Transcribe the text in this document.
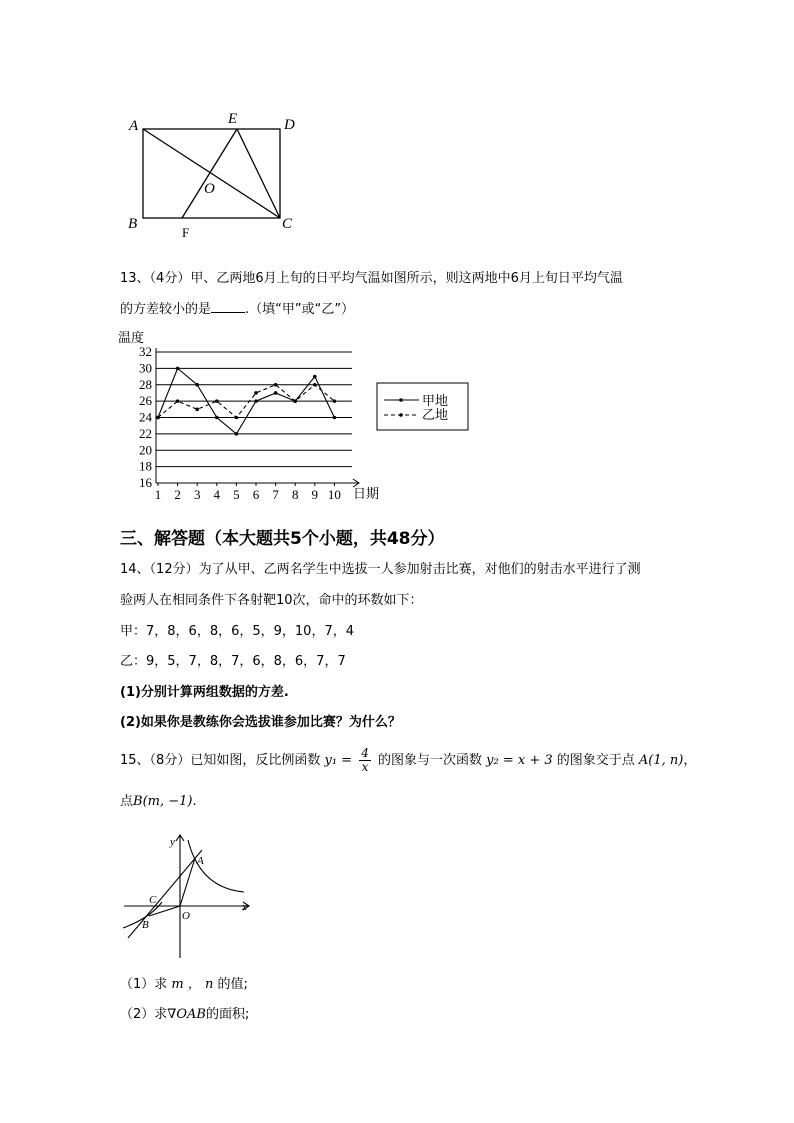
A	E	D
O
B
F
C
13、（4分）甲、乙两地6月上旬的日平均气温如图所示，则这两地中6月上旬日平均气温
的方差较小的是	.（填“甲”或“乙”）
温度
日期
16
18
20
22
24
26
28
30
32
1 2 3 4 5 6 7 8 9 10
甲地
乙地
三、解答题（本大题共5个小题，共48分）
14、（12分）为了从甲、乙两名学生中选拔一人参加射击比赛，对他们的射击水平进行了测
验两人在相同条件下各射靶10次，命中的环数如下：
甲：7，8，6，8，6，5，9，10，7，4
乙：9，5，7，8，7，6，8，6，7，7
(1)分别计算两组数据的方差.
(2)如果你是教练你会选拔谁参加比赛？为什么？
15、（8分）已知如图，反比例函数 $y_1 = \frac{4}{x}$ 的图象与一次函数 y₂ = x + 3 的图象交于点 A(1, n)，
点B(m, −1).
y
x
A
C
O
B
（1）求 m ， n 的值;
（2）求∇OAB的面积;
